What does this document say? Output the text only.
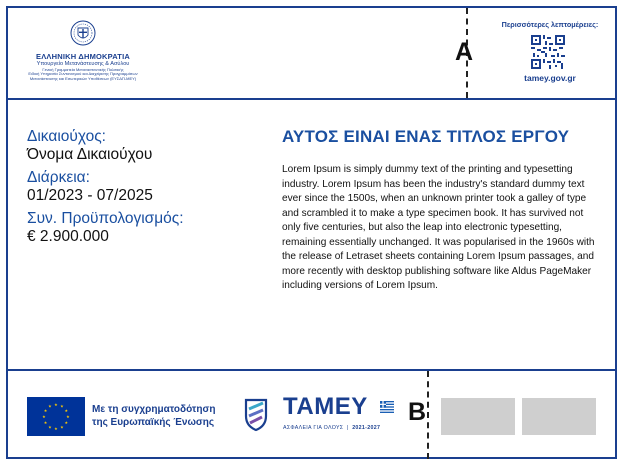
ΕΛΛΗΝΙΚΗ ΔΗΜΟΚΡΑΤΙΑ
Υπουργείο Μετανάστευσης & Ασύλου
Γενική Γραμματεία Μεταναστευτικής Πολιτικής
Ειδική Υπηρεσία Συντονισμού και Διαχείρισης Προγραμμάτων
Μετανάστευσης και Εσωτερικών Υποθέσεων (ΕΥΣΔΠ-ΜΕΥ)
A
Περισσότερες λεπτομέρειες:
tamey.gov.gr
Δικαιούχος:
Όνομα Δικαιούχου
Διάρκεια:
01/2023 - 07/2025
Συν. Προϋπολογισμός:
€ 2.900.000
ΑΥΤΟΣ ΕΙΝΑΙ ΕΝΑΣ ΤΙΤΛΟΣ ΕΡΓΟΥ
Lorem Ipsum is simply dummy text of the printing and typesetting industry. Lorem Ipsum has been the industry's standard dummy text ever since the 1500s, when an unknown printer took a galley of type and scrambled it to make a type specimen book. It has survived not only five centuries, but also the leap into electronic typesetting, remaining essentially unchanged. It was popularised in the 1960s with the release of Letraset sheets containing Lorem Ipsum passages, and more recently with desktop publishing software like Aldus PageMaker including versions of Lorem Ipsum.
★
★
★
★
★
★
★
★
★ ★ ★
★ Με τη συγχρηματοδότηση
της Ευρωπαϊκής Ένωσης
ΤΑΜΕΥ
ΑΣΦΑΛΕΙΑ ΓΙΑ ΟΛΟΥΣ  |  2021-2027
B
